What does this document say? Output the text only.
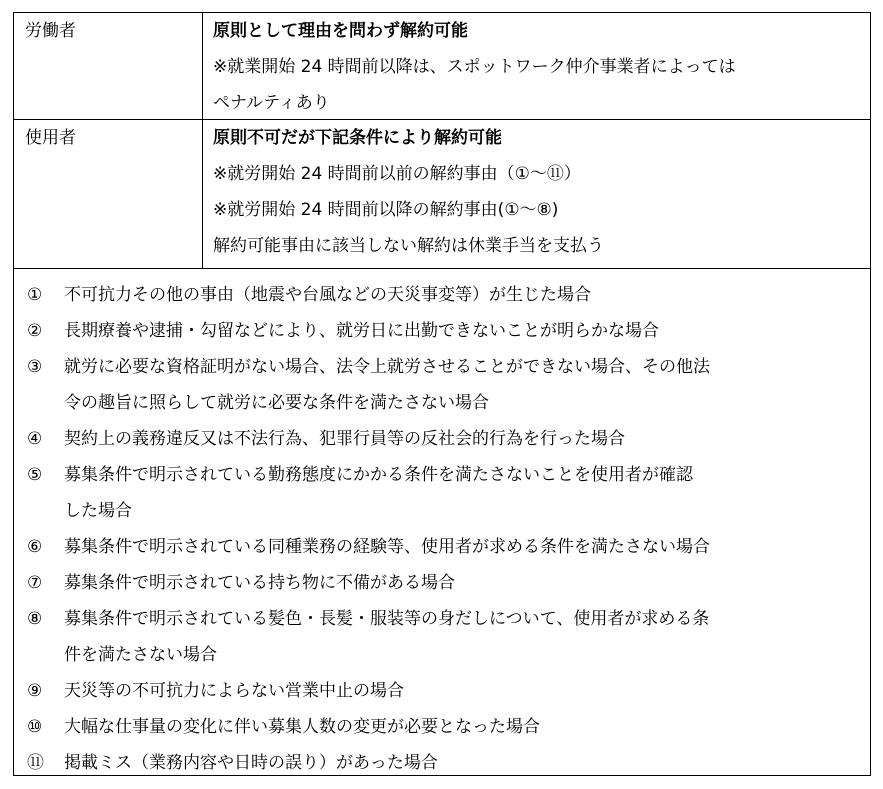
労働者	原則として理由を問わず解約可能
※就業開始 24 時間前以降は、スポットワーク仲介事業者によっては
ペナルティあり
使用者	原則不可だが下記条件により解約可能
※就労開始 24 時間前以前の解約事由（①～⑪）
※就労開始 24 時間前以降の解約事由(①～⑧)
解約可能事由に該当しない解約は休業手当を支払う
①	不可抗力その他の事由（地震や台風などの天災事変等）が生じた場合
②	長期療養や逮捕・勾留などにより、就労日に出勤できないことが明らかな場合
③	就労に必要な資格証明がない場合、法令上就労させることができない場合、その他法
令の趣旨に照らして就労に必要な条件を満たさない場合
④	契約上の義務違反又は不法行為、犯罪行員等の反社会的行為を行った場合
⑤	募集条件で明示されている勤務態度にかかる条件を満たさないことを使用者が確認
した場合
⑥	募集条件で明示されている同種業務の経験等、使用者が求める条件を満たさない場合
⑦	募集条件で明示されている持ち物に不備がある場合
⑧	募集条件で明示されている髪色・長髪・服装等の身だしについて、使用者が求める条
件を満たさない場合
⑨	天災等の不可抗力によらない営業中止の場合
⑩	大幅な仕事量の変化に伴い募集人数の変更が必要となった場合
⑪	掲載ミス（業務内容や日時の誤り）があった場合
